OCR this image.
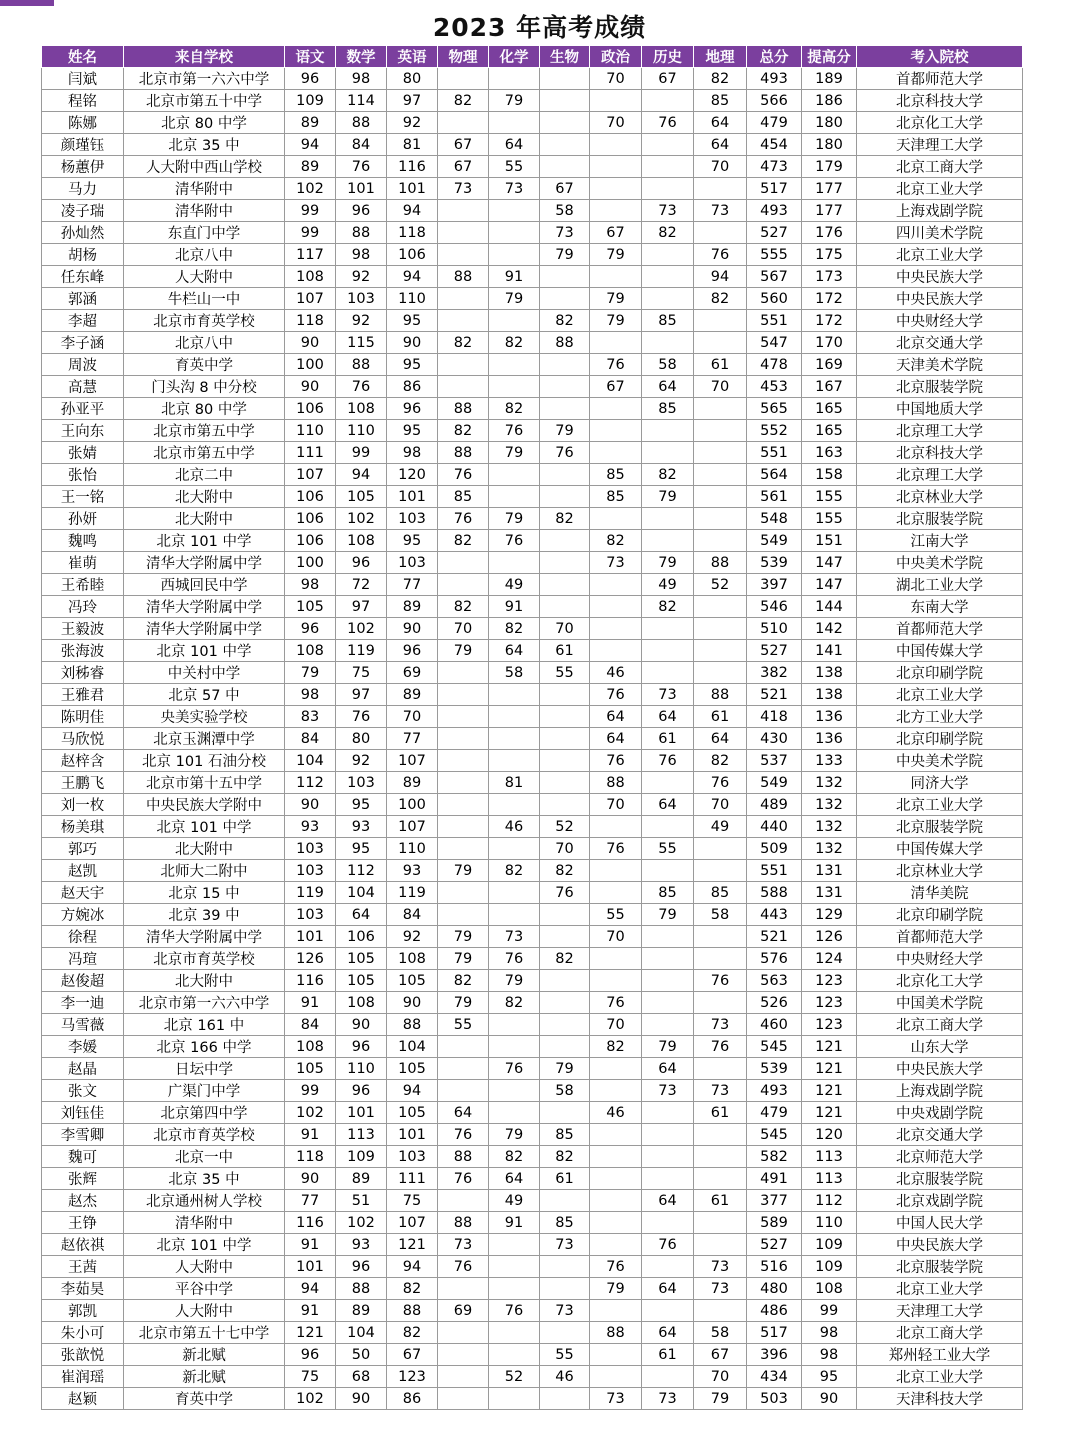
2023 年高考成绩
姓名	来自学校	语文	数学	英语	物理	化学	生物	政治	历史	地理	总分	提高分	考入院校
闫斌	北京市第一六六中学	96	98	80				70	67	82	493	189	首都师范大学
程铭	北京市第五十中学	109	114	97	82	79				85	566	186	北京科技大学
陈娜	北京 80 中学	89	88	92				70	76	64	479	180	北京化工大学
颜瑾钰	北京 35 中	94	84	81	67	64				64	454	180	天津理工大学
杨蕙伊	人大附中西山学校	89	76	116	67	55				70	473	179	北京工商大学
马力	清华附中	102	101	101	73	73	67				517	177	北京工业大学
凌子瑞	清华附中	99	96	94			58		73	73	493	177	上海戏剧学院
孙灿然	东直门中学	99	88	118			73	67	82		527	176	四川美术学院
胡杨	北京八中	117	98	106			79	79		76	555	175	北京工业大学
任东峰	人大附中	108	92	94	88	91				94	567	173	中央民族大学
郭涵	牛栏山一中	107	103	110		79		79		82	560	172	中央民族大学
李超	北京市育英学校	118	92	95			82	79	85		551	172	中央财经大学
李子涵	北京八中	90	115	90	82	82	88				547	170	北京交通大学
周波	育英中学	100	88	95				76	58	61	478	169	天津美术学院
高慧	门头沟 8 中分校	90	76	86				67	64	70	453	167	北京服装学院
孙亚平	北京 80 中学	106	108	96	88	82			85		565	165	中国地质大学
王向东	北京市第五中学	110	110	95	82	76	79				552	165	北京理工大学
张婧	北京市第五中学	111	99	98	88	79	76				551	163	北京科技大学
张怡	北京二中	107	94	120	76			85	82		564	158	北京理工大学
王一铭	北大附中	106	105	101	85			85	79		561	155	北京林业大学
孙妍	北大附中	106	102	103	76	79	82				548	155	北京服装学院
魏鸣	北京 101 中学	106	108	95	82	76		82			549	151	江南大学
崔萌	清华大学附属中学	100	96	103				73	79	88	539	147	中央美术学院
王希睦	西城回民中学	98	72	77		49			49	52	397	147	湖北工业大学
冯玲	清华大学附属中学	105	97	89	82	91			82		546	144	东南大学
王毅波	清华大学附属中学	96	102	90	70	82	70				510	142	首都师范大学
张海波	北京 101 中学	108	119	96	79	64	61				527	141	中国传媒大学
刘秭睿	中关村中学	79	75	69		58	55	46			382	138	北京印刷学院
王雅君	北京 57 中	98	97	89				76	73	88	521	138	北京工业大学
陈明佳	央美实验学校	83	76	70				64	64	61	418	136	北方工业大学
马欣悦	北京玉渊潭中学	84	80	77				64	61	64	430	136	北京印刷学院
赵梓含	北京 101 石油分校	104	92	107				76	76	82	537	133	中央美术学院
王鹏飞	北京市第十五中学	112	103	89		81		88		76	549	132	同济大学
刘一枚	中央民族大学附中	90	95	100				70	64	70	489	132	北京工业大学
杨美琪	北京 101 中学	93	93	107		46	52			49	440	132	北京服装学院
郭巧	北大附中	103	95	110			70	76	55		509	132	中国传媒大学
赵凯	北师大二附中	103	112	93	79	82	82				551	131	北京林业大学
赵天宇	北京 15 中	119	104	119			76		85	85	588	131	清华美院
方婉冰	北京 39 中	103	64	84				55	79	58	443	129	北京印刷学院
徐程	清华大学附属中学	101	106	92	79	73		70			521	126	首都师范大学
冯瑄	北京市育英学校	126	105	108	79	76	82				576	124	中央财经大学
赵俊超	北大附中	116	105	105	82	79				76	563	123	北京化工大学
李一迪	北京市第一六六中学	91	108	90	79	82		76			526	123	中国美术学院
马雪薇	北京 161 中	84	90	88	55			70		73	460	123	北京工商大学
李媛	北京 166 中学	108	96	104				82	79	76	545	121	山东大学
赵晶	日坛中学	105	110	105		76	79		64		539	121	中央民族大学
张文	广渠门中学	99	96	94			58		73	73	493	121	上海戏剧学院
刘钰佳	北京第四中学	102	101	105	64			46		61	479	121	中央戏剧学院
李雪卿	北京市育英学校	91	113	101	76	79	85				545	120	北京交通大学
魏可	北京一中	118	109	103	88	82	82				582	113	北京师范大学
张辉	北京 35 中	90	89	111	76	64	61				491	113	北京服装学院
赵杰	北京通州树人学校	77	51	75		49			64	61	377	112	北京戏剧学院
王铮	清华附中	116	102	107	88	91	85				589	110	中国人民大学
赵依祺	北京 101 中学	91	93	121	73		73		76		527	109	中央民族大学
王茜	人大附中	101	96	94	76			76		73	516	109	北京服装学院
李茹昊	平谷中学	94	88	82				79	64	73	480	108	北京工业大学
郭凯	人大附中	91	89	88	69	76	73				486	99	天津理工大学
朱小可	北京市第五十七中学	121	104	82				88	64	58	517	98	北京工商大学
张歆悦	新北赋	96	50	67			55		61	67	396	98	郑州轻工业大学
崔润瑶	新北赋	75	68	123		52	46			70	434	95	北京工业大学
赵颖	育英中学	102	90	86				73	73	79	503	90	天津科技大学
